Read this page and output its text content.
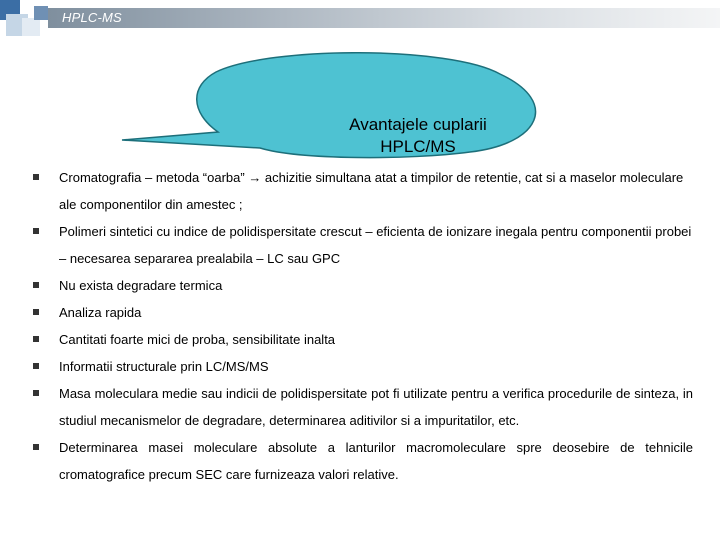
HPLC-MS
Avantajele cuplarii
HPLC/MS
Cromatografia – metoda “oarba” → achizitie simultana atat a timpilor de retentie, cat si a maselor moleculare ale componentilor din amestec ;
Polimeri sintetici cu indice de polidispersitate crescut – eficienta de ionizare inegala pentru componentii probei – necesarea separarea prealabila – LC sau GPC
Nu exista degradare termica
Analiza rapida
Cantitati foarte mici de proba, sensibilitate inalta
Informatii structurale prin LC/MS/MS
Masa moleculara medie sau indicii de polidispersitate pot fi utilizate pentru a verifica procedurile de sinteza, in studiul mecanismelor de degradare, determinarea aditivilor si a impuritatilor, etc.
Determinarea masei moleculare absolute a lanturilor macromoleculare spre deosebire de tehnicile cromatografice precum SEC care furnizeaza valori relative.
